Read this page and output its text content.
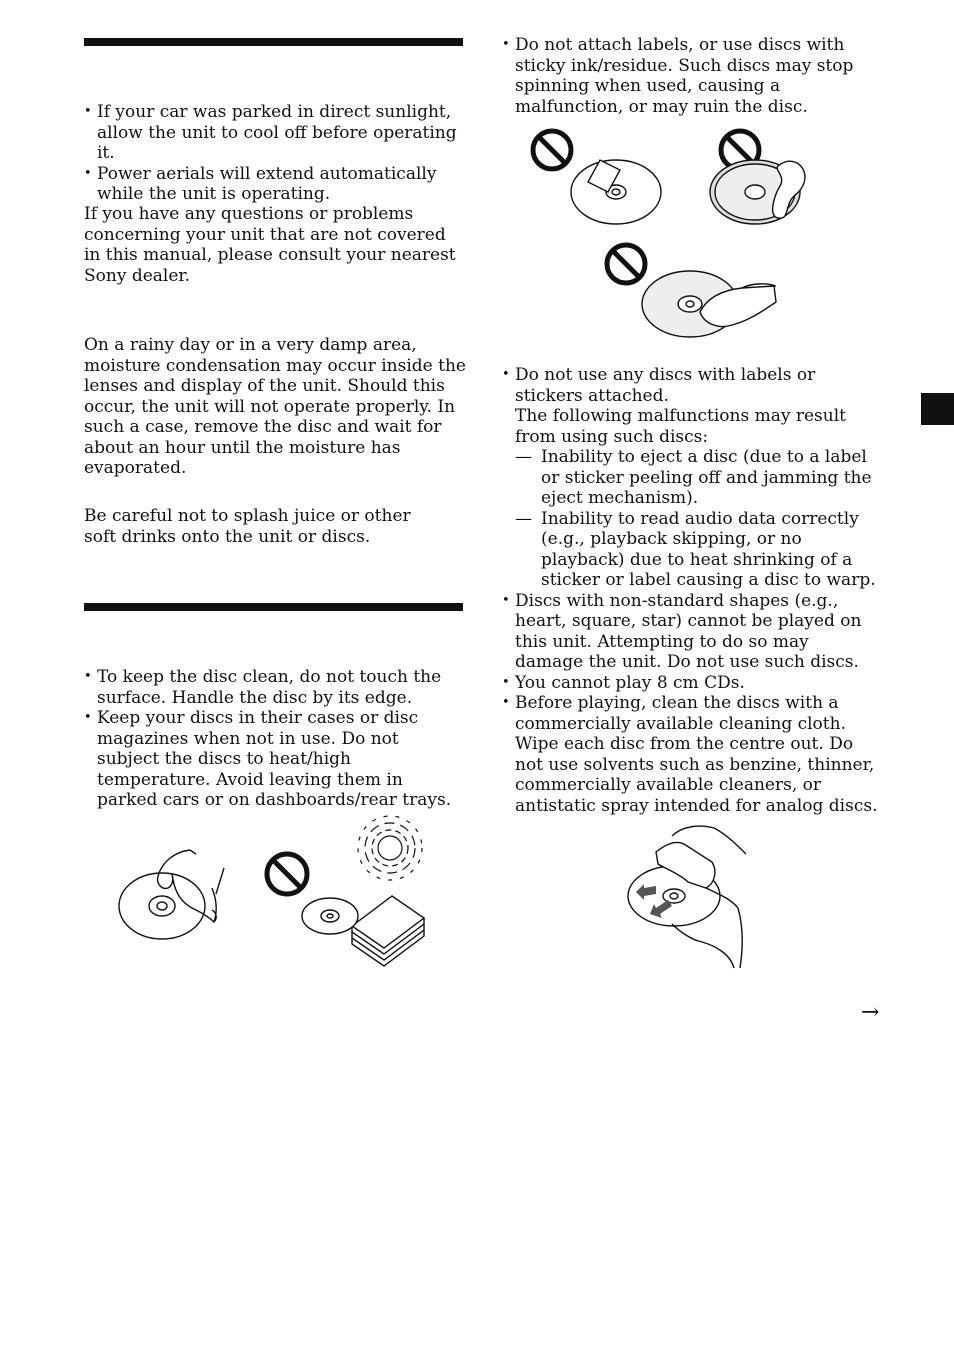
• If your car was parked in direct sunlight, allow the unit to cool off before operating it.
• Power aerials will extend automatically while the unit is operating.
If you have any questions or problems concerning your unit that are not covered in this manual, please consult your nearest Sony dealer.
On a rainy day or in a very damp area, moisture condensation may occur inside the lenses and display of the unit. Should this occur, the unit will not operate properly. In such a case, remove the disc and wait for about an hour until the moisture has evaporated.
Be careful not to splash juice or other soft drinks onto the unit or discs.
• To keep the disc clean, do not touch the surface. Handle the disc by its edge.
• Keep your discs in their cases or disc magazines when not in use. Do not subject the discs to heat/high temperature. Avoid leaving them in parked cars or on dashboards/rear trays.
• Do not attach labels, or use discs with sticky ink/residue. Such discs may stop spinning when used, causing a malfunction, or may ruin the disc.
• Do not use any discs with labels or stickers attached.
The following malfunctions may result from using such discs:
— Inability to eject a disc (due to a label or sticker peeling off and jamming the eject mechanism).
— Inability to read audio data correctly (e.g., playback skipping, or no playback) due to heat shrinking of a sticker or label causing a disc to warp.
• Discs with non-standard shapes (e.g., heart, square, star) cannot be played on this unit. Attempting to do so may damage the unit. Do not use such discs.
• You cannot play 8 cm CDs.
• Before playing, clean the discs with a commercially available cleaning cloth. Wipe each disc from the centre out. Do not use solvents such as benzine, thinner, commercially available cleaners, or antistatic spray intended for analog discs.
→
